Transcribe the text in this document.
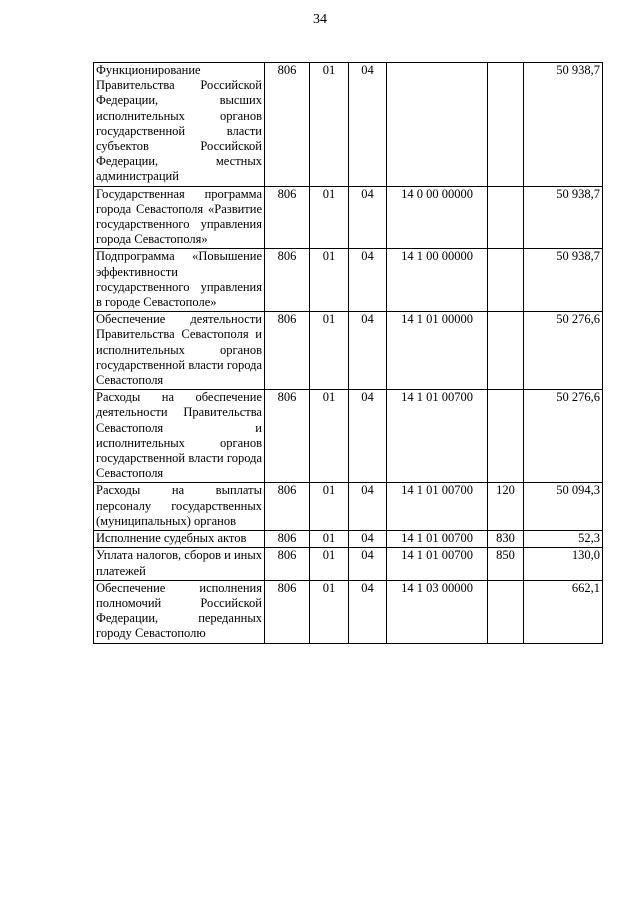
34
Функционирование Правительства Российской Федерации, высших исполнительных органов государственной власти субъектов Российской Федерации, местных администраций	806	01	04			50 938,7
Государственная программа города Севастополя «Развитие государственного управления города Севастополя»	806	01	04	14 0 00 00000		50 938,7
Подпрограмма «Повышение эффективности государственного управления в городе Севастополе»	806	01	04	14 1 00 00000		50 938,7
Обеспечение деятельности Правительства Севастополя и исполнительных органов государственной власти города Севастополя	806	01	04	14 1 01 00000		50 276,6
Расходы на обеспечение деятельности Правительства Севастополя и исполнительных органов государственной власти города Севастополя	806	01	04	14 1 01 00700		50 276,6
Расходы на выплаты персоналу государственных (муниципальных) органов	806	01	04	14 1 01 00700	120	50 094,3
Исполнение судебных актов	806	01	04	14 1 01 00700	830	52,3
Уплата налогов, сборов и иных платежей	806	01	04	14 1 01 00700	850	130,0
Обеспечение исполнения полномочий Российской Федерации, переданных городу Севастополю	806	01	04	14 1 03 00000		662,1
